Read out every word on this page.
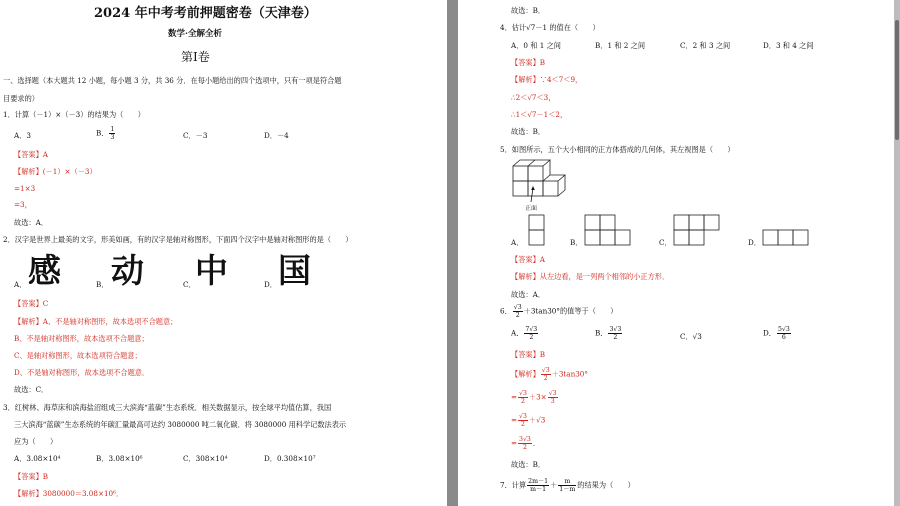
2024 年中考考前押题密卷（天津卷）
数学·全解全析
第Ⅰ卷
一、选择题（本大题共 12 小题，每小题 3 分，共 36 分．在每小题给出的四个选项中，只有一项是符合题
目要求的）
1．计算（－1）×（－3）的结果为（　　）
A．3	B． $\frac{1}{3}$	C．－3	D．－4
【答案】A
【解析】(－1）×（－3）
=1×3
=3，
故选：A．
2．汉字是世界上最美的文字，形美如画，有的汉字是轴对称图形，下面四个汉字中是轴对称图形的是（　　）
感 动 中 国
A．	B．	C．	D．
【答案】C
【解析】A、不是轴对称图形，故本选项不合题意；
B、不是轴对称图形，故本选项不合题意；
C、是轴对称图形，故本选项符合题意；
D、不是轴对称图形，故本选项不合题意．
故选：C．
3．红树林、海草床和滨海盐沼组成三大滨海“蓝碳”生态系统．相关数据显示，按全球平均值估算，我国
三大滨海“蓝碳”生态系统的年碳汇量最高可达约 3080000 吨二氧化碳．将 3080000 用科学记数法表示
应为（　　）
A．3.08×10⁴	B．3.08×10⁶	C．308×10⁴	D．0.308×10⁷
【答案】B
【解析】3080000＝3.08×10⁶．
故选：B．
4．估计√7－1 的值在（　　）
A．0 和 1 之间	B．1 和 2 之间	C．2 和 3 之间	D．3 和 4 之间
【答案】B
【解析】∵4＜7＜9，
∴2＜√7＜3，
∴1＜√7－1＜2，
故选：B．
5．如图所示，五个大小相同的正方体搭成的几何体，其左视图是（　　）
正面
A．	B．	C．	D．
【答案】A
【解析】从左边看，是一列两个相邻的小正方形．
故选：A．
6． $\frac{√3}{2} +3\tan 30^\circ$的值等于（　　）
A． $\frac{7√3}{2}$	B． $\frac{3√3}{2}$	C．√3	D． $\frac{5√3}{6}$
【答案】B
【解析】 $\frac{√3}{2} +3\tan 30^\circ$
= $\frac{√3}{2} +3\times \frac{√3}{3}$
= $\frac{√3}{2} +√3$
= $\frac{3√3}{2}$ ．
故选：B．
7．计算 $\frac{2m-1}{m-1} + \frac{m}{1-m}$ 的结果为（　　）
